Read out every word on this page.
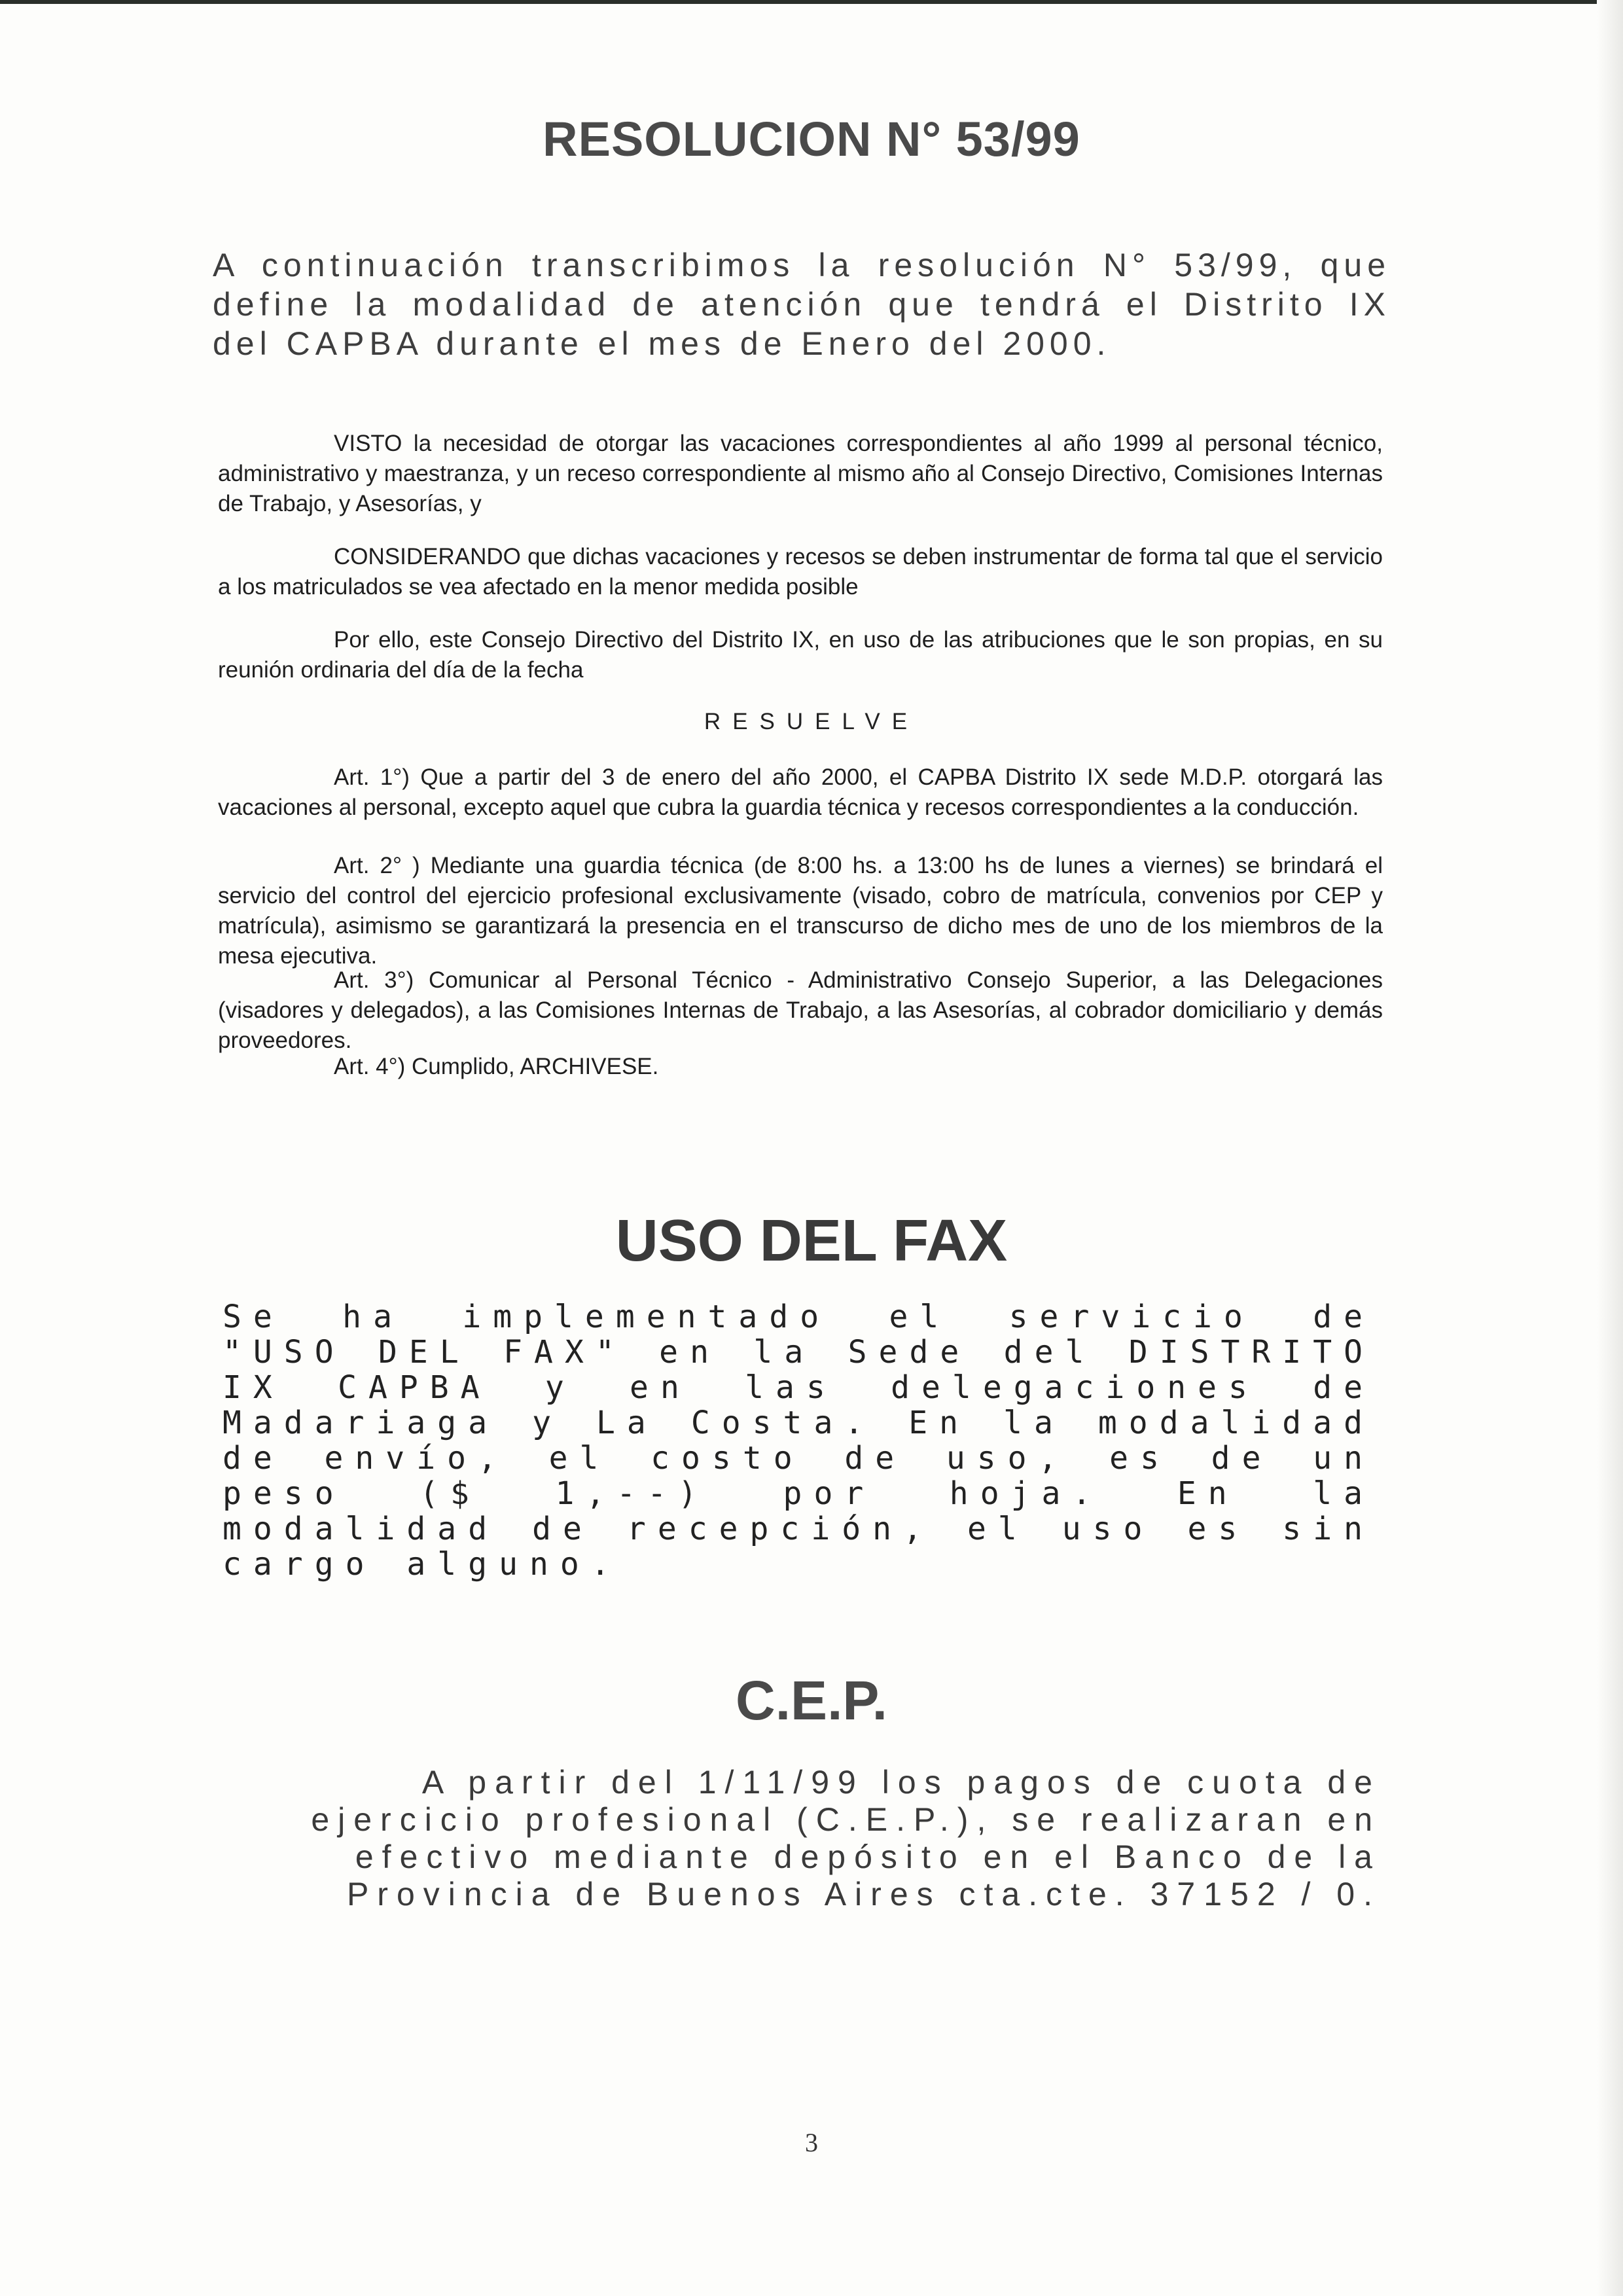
RESOLUCION N° 53/99

A continuación transcribimos la resolución N° 53/99, que define la modalidad de atención que tendrá el Distrito IX del CAPBA durante el mes de Enero del 2000.

VISTO la necesidad de otorgar las vacaciones correspondientes al año 1999 al personal técnico, administrativo y maestranza, y un receso correspondiente al mismo año al Consejo Directivo, Comisiones Internas de Trabajo, y Asesorías, y

CONSIDERANDO que dichas vacaciones y recesos se deben instrumentar de forma tal que el servicio a los matriculados se vea afectado en la menor medida posible

Por ello, este Consejo Directivo del Distrito IX, en uso de las atribuciones que le son propias, en su reunión ordinaria del día de la fecha

RESUELVE

Art. 1°) Que a partir del 3 de enero del año 2000, el CAPBA Distrito IX sede M.D.P. otorgará las vacaciones al personal, excepto aquel que cubra la guardia técnica y recesos correspondientes a la conducción.

Art. 2° ) Mediante una guardia técnica (de 8:00 hs. a 13:00 hs de lunes a viernes) se brindará el servicio del control del ejercicio profesional exclusivamente (visado, cobro de matrícula, convenios por CEP y matrícula), asimismo se garantizará la presencia en el transcurso de dicho mes de uno de los miembros de la mesa ejecutiva.

Art. 3°) Comunicar al Personal Técnico - Administrativo Consejo Superior, a las Delegaciones (visadores y delegados), a las Comisiones Internas de Trabajo, a las Asesorías, al cobrador domiciliario y demás proveedores.

Art. 4°) Cumplido, ARCHIVESE.

USO DEL FAX

Se ha implementado el servicio de "USO DEL FAX" en la Sede del DISTRITO IX CAPBA y en las delegaciones de Madariaga y La Costa. En la modalidad de envío, el costo de uso, es de un peso ($ 1,--) por hoja. En la modalidad de recepción, el uso es sin cargo alguno.

C.E.P.

A partir del 1/11/99 los pagos de cuota de ejercicio profesional (C.E.P.), se realizaran en efectivo mediante depósito en el Banco de la Provincia de Buenos Aires cta.cte. 37152 / 0.

3
